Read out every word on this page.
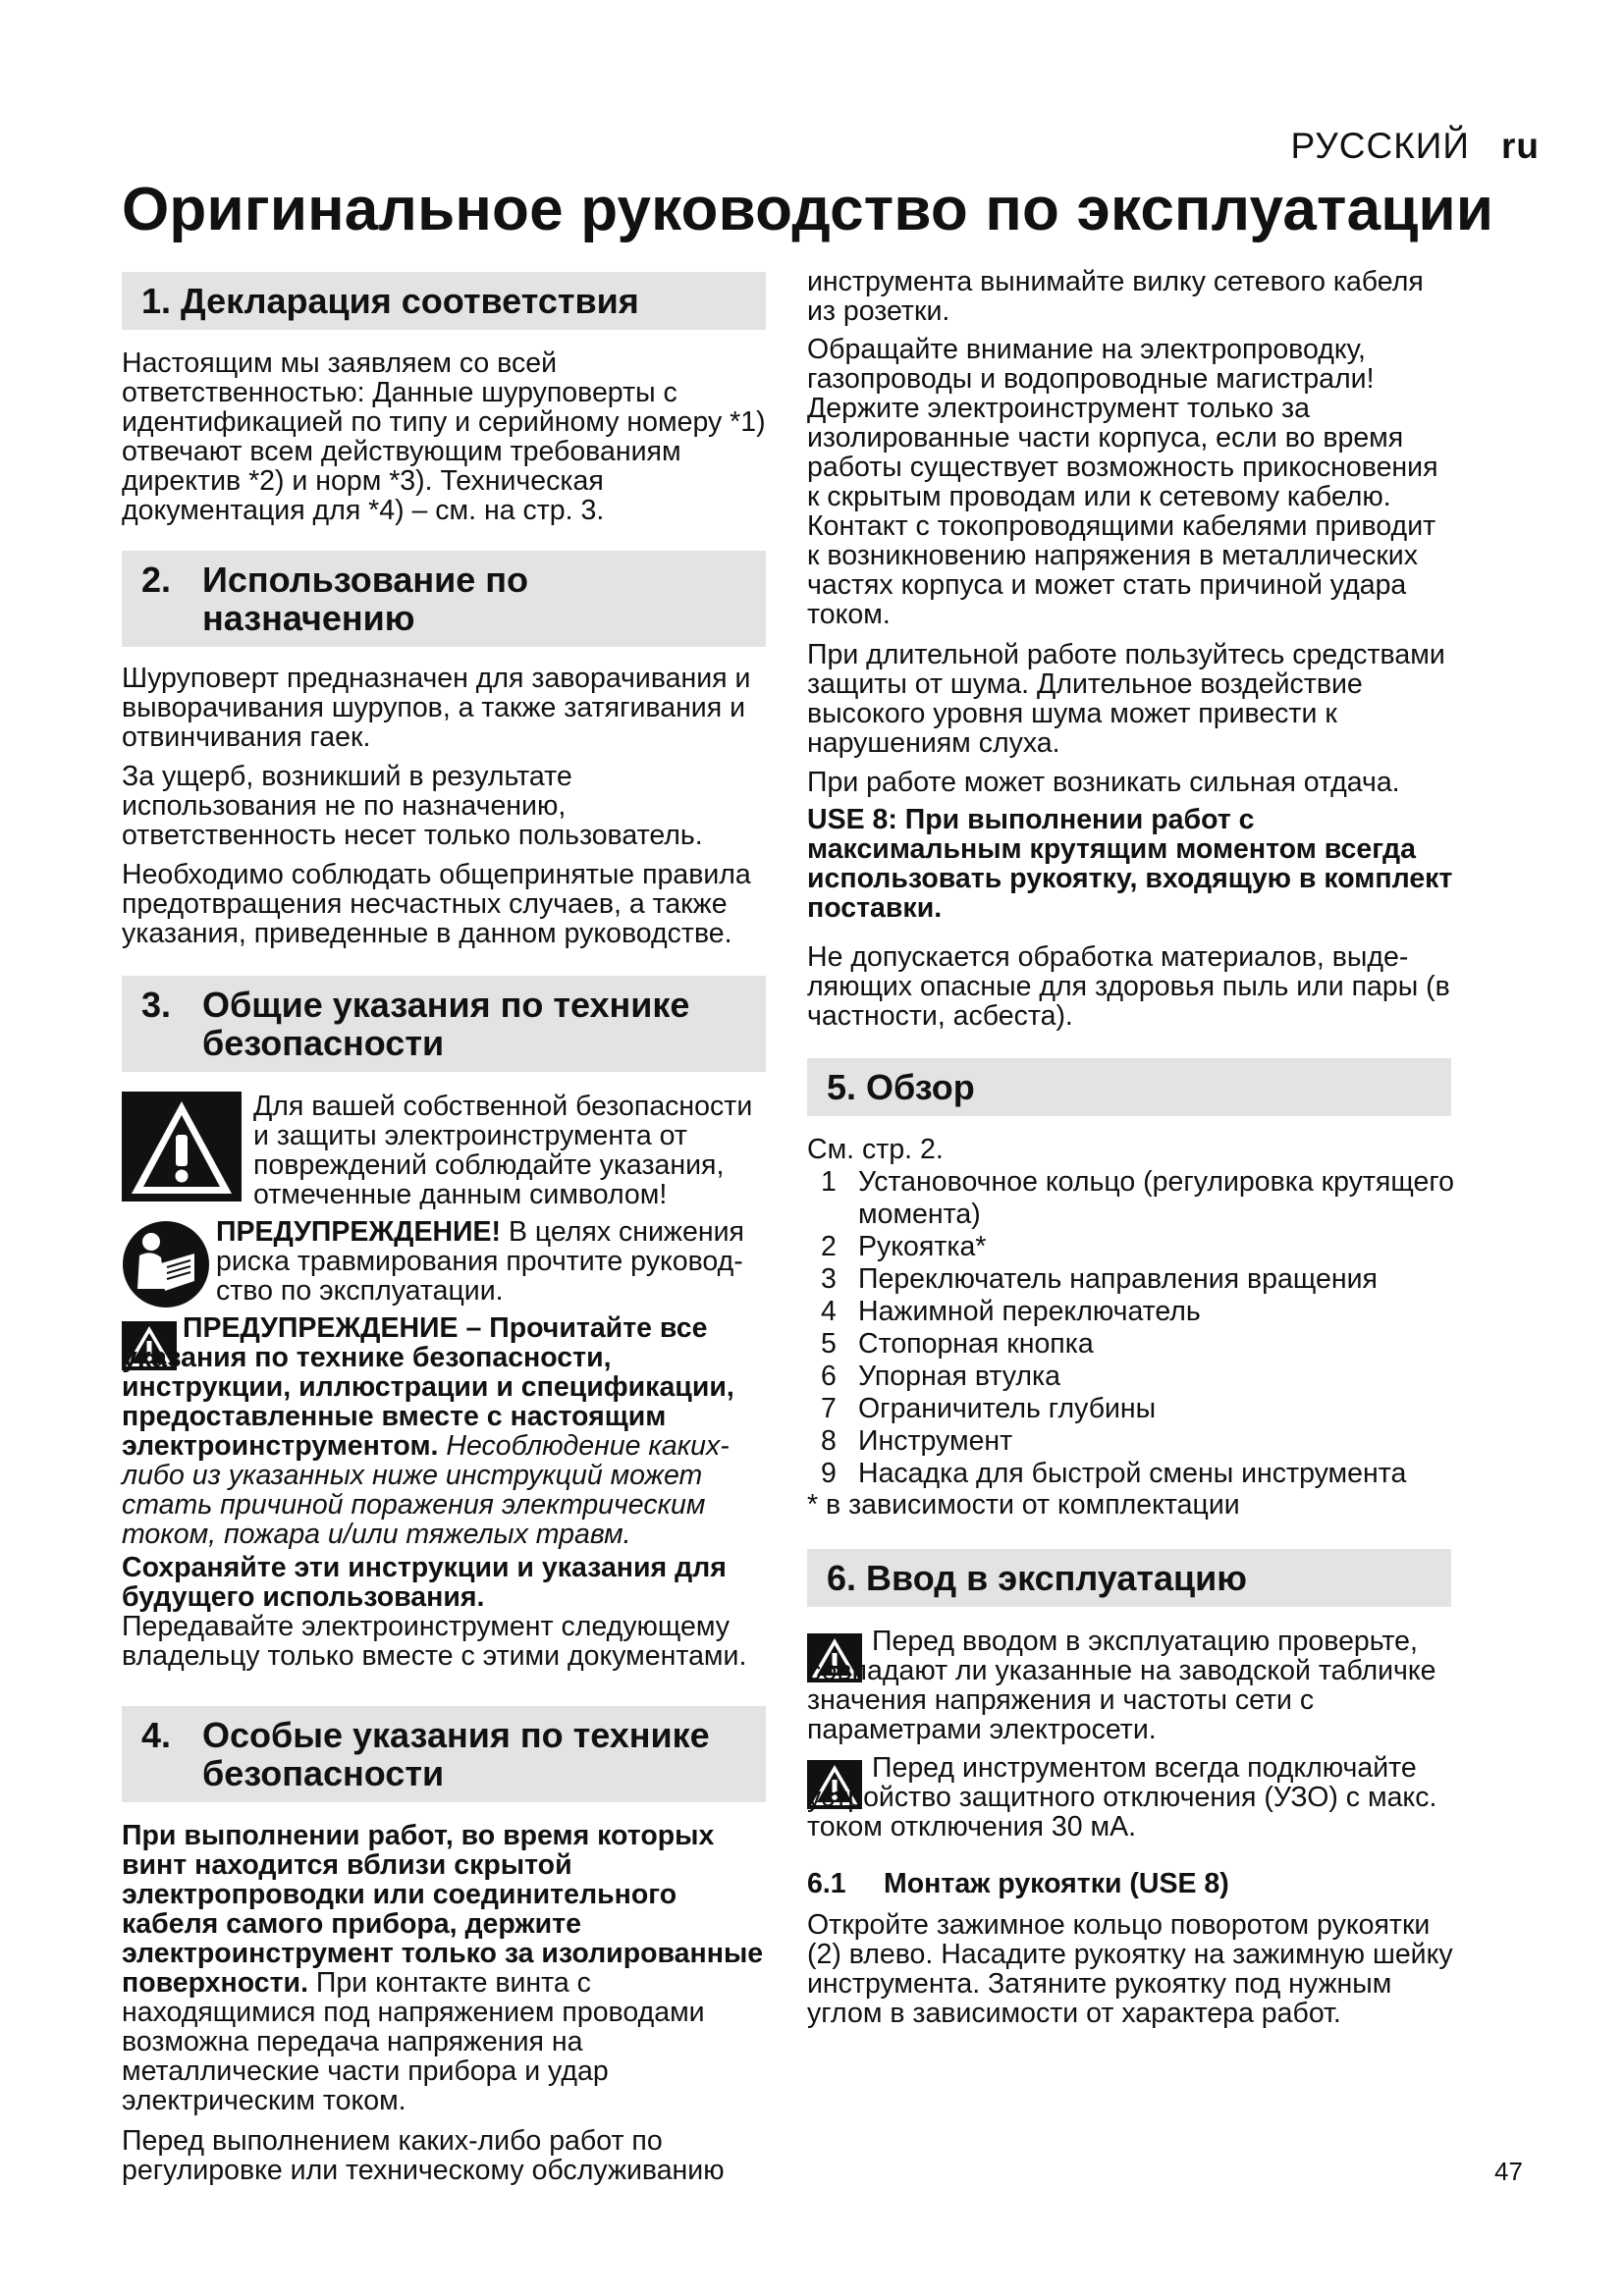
РУССКИЙ ru
Оригинальное руководство по эксплуатации
1. Декларация соответствия

Настоящим мы заявляем со всей ответственностью: Данные шуруповерты с идентификацией по типу и серийному номеру *1) отвечают всем действующим требованиям директив *2) и норм *3). Техническая документация для *4) – см. на стр. 3.

2. Использование по
назначению

Шуруповерт предназначен для заворачивания и выворачивания шурупов, а также затягивания и отвинчивания гаек.

За ущерб, возникший в результате использования не по назначению, ответственность несет только пользователь.

Необходимо соблюдать общепринятые правила предотвращения несчастных случаев, а также указания, приведенные в данном руководстве.

3. Общие указания по технике
безопасности

Для вашей собственной безопасности и защиты электроинструмента от повреждений соблюдайте указания, отмеченные данным символом!

ПРЕДУПРЕЖДЕНИЕ! В целях снижения риска травмирования прочтите руковод-ство по эксплуатации.

ПРЕДУПРЕЖДЕНИЕ – Прочитайте все указания по технике безопасности, инструкции, иллюстрации и спецификации, предоставленные вместе с настоящим электроинструментом. Несоблюдение каких-либо из указанных ниже инструкций может стать причиной поражения электрическим током, пожара и/или тяжелых травм.

Сохраняйте эти инструкции и указания для будущего использования.
Передавайте электроинструмент следующему владельцу только вместе с этими документами.

4. Особые указания по технике
безопасности

При выполнении работ, во время которых винт находится вблизи скрытой электропроводки или соединительного кабеля самого прибора, держите электроинструмент только за изолированные поверхности. При контакте винта с находящимися под напряжением проводами возможна передача напряжения на металлические части прибора и удар электрическим током.

Перед выполнением каких-либо работ по регулировке или техническому обслуживанию

инструмента вынимайте вилку сетевого кабеля из розетки.

Обращайте внимание на электропроводку, газопроводы и водопроводные магистрали! Держите электроинструмент только за изолированные части корпуса, если во время работы существует возможность прикосновения к скрытым проводам или к сетевому кабелю. Контакт с токопроводящими кабелями приводит к возникновению напряжения в металлических частях корпуса и может стать причиной удара током.

При длительной работе пользуйтесь средствами защиты от шума. Длительное воздействие высокого уровня шума может привести к нарушениям слуха.

При работе может возникать сильная отдача.

USE 8: При выполнении работ с максимальным крутящим моментом всегда использовать рукоятку, входящую в комплект поставки.

Не допускается обработка материалов, выде-ляющих опасные для здоровья пыль или пары (в частности, асбеста).

5. Обзор

См. стр. 2.

1 Установочное кольцо (регулировка крутящего момента)
2 Рукоятка*
3 Переключатель направления вращения
4 Нажимной переключатель
5 Стопорная кнопка
6 Упорная втулка
7 Ограничитель глубины
8 Инструмент
9 Насадка для быстрой смены инструмента

* в зависимости от комплектации

6. Ввод в эксплуатацию

Перед вводом в эксплуатацию проверьте, совпадают ли указанные на заводской табличке значения напряжения и частоты сети с параметрами электросети.

Перед инструментом всегда подключайте устройство защитного отключения (УЗО) с макс. током отключения 30 мА.

6.1 Монтаж рукоятки (USE 8)

Откройте зажимное кольцо поворотом рукоятки (2) влево. Насадите рукоятку на зажимную шейку инструмента. Затяните рукоятку под нужным углом в зависимости от характера работ.

47
